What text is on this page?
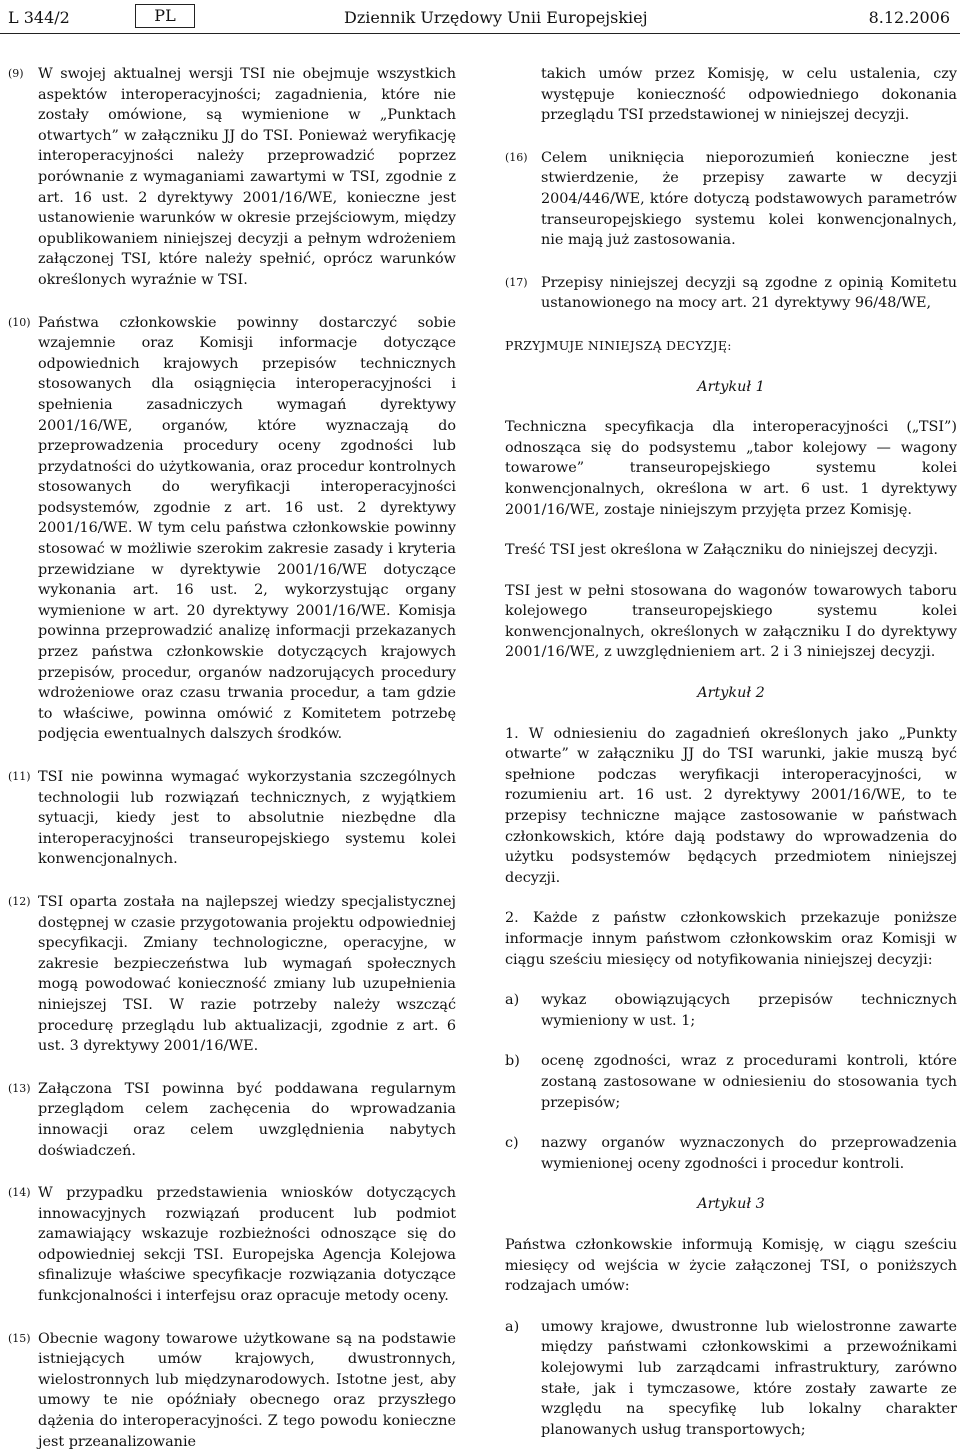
L 344/2	PL	Dziennik Urzędowy Unii Europejskiej	8.12.2006
(9) W swojej aktualnej wersji TSI nie obejmuje wszystkich aspektów interoperacyjności; zagadnienia, które nie zostały omówione, są wymienione w „Punktach otwartych” w załączniku JJ do TSI. Ponieważ weryfikację interoperacyjności należy przeprowadzić poprzez porównanie z wymaganiami zawartymi w TSI, zgodnie z art. 16 ust. 2 dyrektywy 2001/16/WE, konieczne jest ustanowienie warunków w okresie przejściowym, między opublikowaniem niniejszej decyzji a pełnym wdrożeniem załączonej TSI, które należy spełnić, oprócz warunków określonych wyraźnie w TSI.

(10) Państwa członkowskie powinny dostarczyć sobie wzajemnie oraz Komisji informacje dotyczące odpowiednich krajowych przepisów technicznych stosowanych dla osiągnięcia interoperacyjności i spełnienia zasadniczych wymagań dyrektywy 2001/16/WE, organów, które wyznaczają do przeprowadzenia procedury oceny zgodności lub przydatności do użytkowania, oraz procedur kontrolnych stosowanych do weryfikacji interoperacyjności podsystemów, zgodnie z art. 16 ust. 2 dyrektywy 2001/16/WE. W tym celu państwa członkowskie powinny stosować w możliwie szerokim zakresie zasady i kryteria przewidziane w dyrektywie 2001/16/WE dotyczące wykonania art. 16 ust. 2, wykorzystując organy wymienione w art. 20 dyrektywy 2001/16/WE. Komisja powinna przeprowadzić analizę informacji przekazanych przez państwa członkowskie dotyczących krajowych przepisów, procedur, organów nadzorujących procedury wdrożeniowe oraz czasu trwania procedur, a tam gdzie to właściwe, powinna omówić z Komitetem potrzebę podjęcia ewentualnych dalszych środków.

(11) TSI nie powinna wymagać wykorzystania szczególnych technologii lub rozwiązań technicznych, z wyjątkiem sytuacji, kiedy jest to absolutnie niezbędne dla interoperacyjności transeuropejskiego systemu kolei konwencjonalnych.

(12) TSI oparta została na najlepszej wiedzy specjalistycznej dostępnej w czasie przygotowania projektu odpowiedniej specyfikacji. Zmiany technologiczne, operacyjne, w zakresie bezpieczeństwa lub wymagań społecznych mogą powodować konieczność zmiany lub uzupełnienia niniejszej TSI. W razie potrzeby należy wszcząć procedurę przeglądu lub aktualizacji, zgodnie z art. 6 ust. 3 dyrektywy 2001/16/WE.

(13) Załączona TSI powinna być poddawana regularnym przeglądom celem zachęcenia do wprowadzania innowacji oraz celem uwzględnienia nabytych doświadczeń.

(14) W przypadku przedstawienia wniosków dotyczących innowacyjnych rozwiązań producent lub podmiot zamawiający wskazuje rozbieżności odnoszące się do odpowiedniej sekcji TSI. Europejska Agencja Kolejowa sfinalizuje właściwe specyfikacje rozwiązania dotyczące funkcjonalności i interfejsu oraz opracuje metody oceny.

(15) Obecnie wagony towarowe użytkowane są na podstawie istniejących umów krajowych, dwustronnych, wielostronnych lub międzynarodowych. Istotne jest, aby umowy te nie opóźniały obecnego oraz przyszłego dążenia do interoperacyjności. Z tego powodu konieczne jest przeanalizowanie

takich umów przez Komisję, w celu ustalenia, czy występuje konieczność odpowiedniego dokonania przeglądu TSI przedstawionej w niniejszej decyzji.

(16) Celem uniknięcia nieporozumień konieczne jest stwierdzenie, że przepisy zawarte w decyzji 2004/446/WE, które dotyczą podstawowych parametrów transeuropejskiego systemu kolei konwencjonalnych, nie mają już zastosowania.

(17) Przepisy niniejszej decyzji są zgodne z opinią Komitetu ustanowionego na mocy art. 21 dyrektywy 96/48/WE,

PRZYJMUJE NINIEJSZĄ DECYZJĘ:

Artykuł 1

Techniczna specyfikacja dla interoperacyjności („TSI”) odnosząca się do podsystemu „tabor kolejowy — wagony towarowe” transeuropejskiego systemu kolei konwencjonalnych, określona w art. 6 ust. 1 dyrektywy 2001/16/WE, zostaje niniejszym przyjęta przez Komisję.

Treść TSI jest określona w Załączniku do niniejszej decyzji.

TSI jest w pełni stosowana do wagonów towarowych taboru kolejowego transeuropejskiego systemu kolei konwencjonalnych, określonych w załączniku I do dyrektywy 2001/16/WE, z uwzględnieniem art. 2 i 3 niniejszej decyzji.

Artykuł 2

1. W odniesieniu do zagadnień określonych jako „Punkty otwarte” w załączniku JJ do TSI warunki, jakie muszą być spełnione podczas weryfikacji interoperacyjności, w rozumieniu art. 16 ust. 2 dyrektywy 2001/16/WE, to te przepisy techniczne mające zastosowanie w państwach członkowskich, które dają podstawy do wprowadzenia do użytku podsystemów będących przedmiotem niniejszej decyzji.

2. Każde z państw członkowskich przekazuje poniższe informacje innym państwom członkowskim oraz Komisji w ciągu sześciu miesięcy od notyfikowania niniejszej decyzji:

a) wykaz obowiązujących przepisów technicznych wymieniony w ust. 1;

b) ocenę zgodności, wraz z procedurami kontroli, które zostaną zastosowane w odniesieniu do stosowania tych przepisów;

c) nazwy organów wyznaczonych do przeprowadzenia wymienionej oceny zgodności i procedur kontroli.

Artykuł 3

Państwa członkowskie informują Komisję, w ciągu sześciu miesięcy od wejścia w życie załączonej TSI, o poniższych rodzajach umów:

a) umowy krajowe, dwustronne lub wielostronne zawarte między państwami członkowskimi a przewoźnikami kolejowymi lub zarządcami infrastruktury, zarówno stałe, jak i tymczasowe, które zostały zawarte ze względu na specyfikę lub lokalny charakter planowanych usług transportowych;
